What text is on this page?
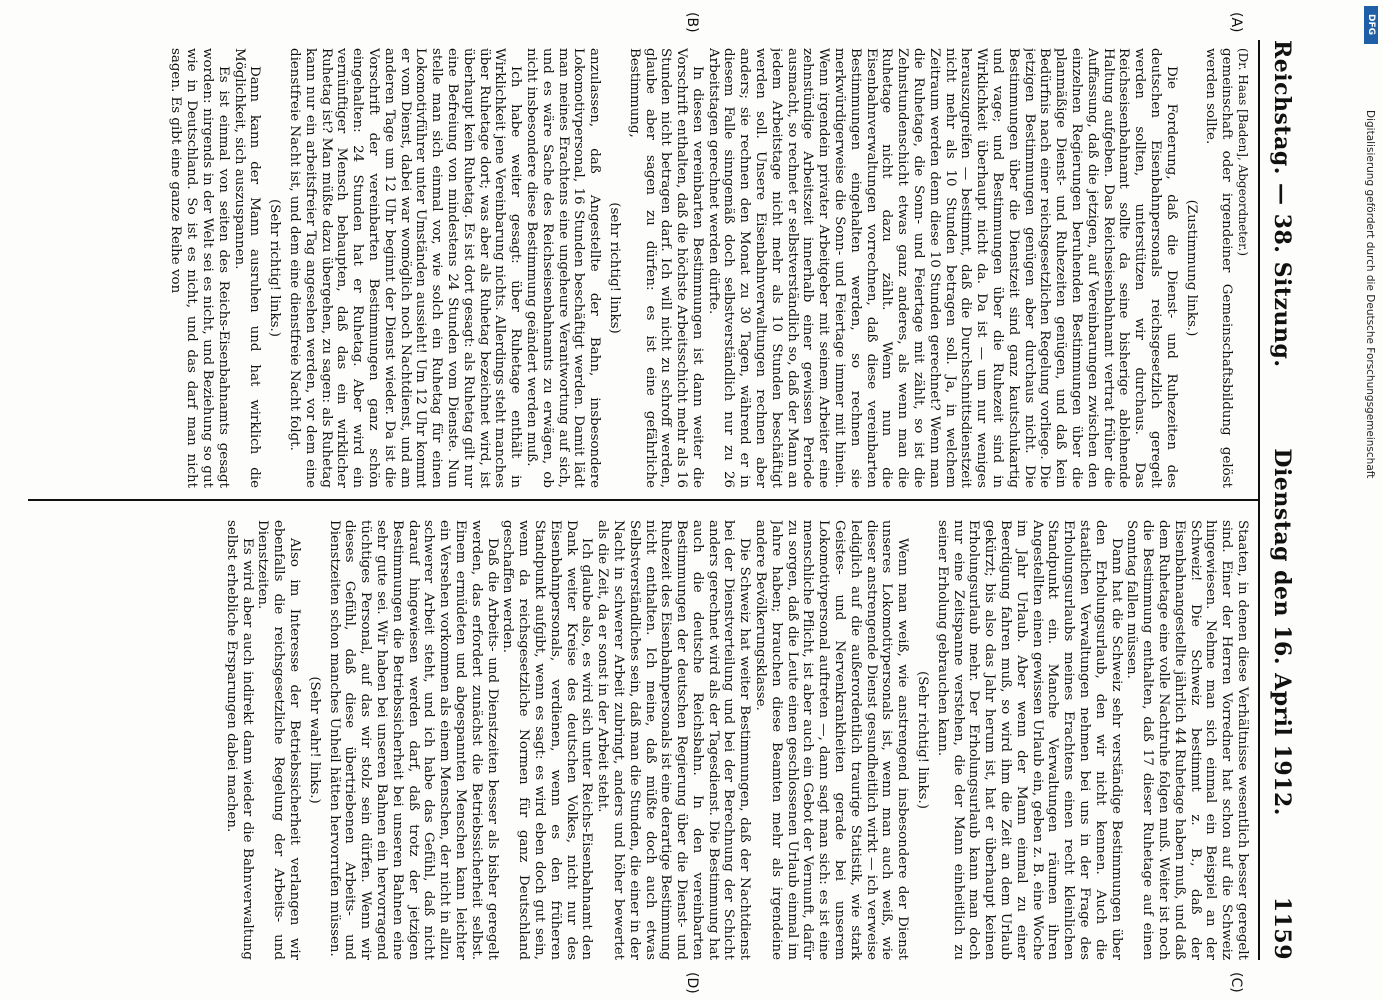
Reichstag. — 38. Sitzung.
Dienstag den 16. April 1912.
1159
(A)
(B)
(C)
(D)

(Dr. Haas [Baden], Abgeordneter.)

gemeinschaft oder irgendeiner Gemeinschaftsbildung gelöst werden sollte.

(Zustimmung links.)

Die Forderung, daß die Dienst- und Ruhezeiten des deutschen Eisenbahnpersonals reichsgesetzlich geregelt werden sollten, unterstützen wir durchaus. Das Reichseisenbahnamt sollte da seine bisherige ablehnende Haltung aufgeben. Das Reichseisenbahnamt vertrat früher die Auffassung, daß die jetzigen, auf Vereinbarungen zwischen den einzelnen Regierungen beruhenden Bestimmungen über die planmäßige Dienst- und Ruhezeiten genügen, und daß kein Bedürfnis nach einer reichsgesetzlichen Regelung vorliege. Die jetzigen Bestimmungen genügen aber durchaus nicht. Die Bestimmungen über die Dienstzeit sind ganz kautschukartig und vage; und Bestimmungen über die Ruhezeit sind in Wirklichkeit überhaupt nicht da. Da ist — um nur weniges herauszugreifen — bestimmt, daß die Durchschnittsdienstzeit nicht mehr als 10 Stunden betragen soll. Ja, in welchem Zeitraum werden denn diese 10 Stunden gerechnet? Wenn man die Ruhetage, die Sonn- und Feiertage mit zählt, so ist die Zehnstundenschicht etwas ganz anderes, als wenn man die Ruhetage nicht dazu zählt. Wenn nun die Eisenbahnverwaltungen vorrechnen, daß diese vereinbarten Bestimmungen eingehalten werden, so rechnen sie merkwürdigerweise die Sonn- und Feiertage immer mit hinein. Wenn irgendein privater Arbeitgeber mit seinem Arbeiter eine zehnstündige Arbeitszeit innerhalb einer gewissen Periode ausmacht, so rechnet er selbstverständlich so, daß der Mann an jedem Arbeitstage nicht mehr als 10 Stunden beschäftigt werden soll. Unsere Eisenbahnverwaltungen rechnen aber anders; sie rechnen den Monat zu 30 Tagen, während er in diesem Falle sinngemäß doch selbstverständlich nur zu 26 Arbeitstagen gerechnet werden dürfte.

In diesen vereinbarten Bestimmungen ist dann weiter die Vorschrift enthalten, daß die höchste Arbeitsschicht mehr als 16 Stunden nicht betragen darf. Ich will nicht zu schroff werden, glaube aber sagen zu dürfen: es ist eine gefährliche Bestimmung,

(sehr richtig! links)

anzulassen, daß Angestellte der Bahn, insbesondere Lokomotivpersonal, 16 Stunden beschäftigt werden. Damit lädt man meines Erachtens eine ungeheure Verantwortung auf sich, und es wäre Sache des Reichseisenbahnamts zu erwägen, ob nicht insbesondere diese Bestimmung geändert werden muß.

Ich habe weiter gesagt: über Ruhetage enthält in Wirklichkeit jene Vereinbarung nichts. Allerdings steht manches über Ruhetage dort; was aber als Ruhetag bezeichnet wird, ist überhaupt kein Ruhetag. Es ist dort gesagt: als Ruhetag gilt nur eine Befreiung von mindestens 24 Stunden vom Dienste. Nun stelle man sich einmal vor, wie solch ein Ruhetag für einen Lokomotivführer unter Umständen aussieht! Um 12 Uhr kommt er vom Dienst, dabei war womöglich noch Nachtdienst, und am anderen Tage um 12 Uhr beginnt der Dienst wieder. Da ist die Vorschrift der vereinbarten Bestimmungen ganz schön eingehalten: 24 Stunden hat er Ruhetag. Aber wird ein vernünftiger Mensch behaupten, daß das ein wirklicher Ruhetag ist? Man müßte dazu übergehen, zu sagen: als Ruhetag kann nur ein arbeitsfreier Tag angesehen werden, vor dem eine dienstfreie Nacht ist, und dem eine dienstfreie Nacht folgt.

(Sehr richtig! links.)

Dann kann der Mann ausruhen und hat wirklich die Möglichkeit, sich auszuspannen.

Es ist einmal von seiten des Reichs-Eisenbahnamts gesagt worden: nirgends in der Welt sei es nicht, und Beziehung so gut wie in Deutschland. So ist es nicht, und das darf man nicht sagen. Es gibt eine ganze Reihe von

Staaten, in denen diese Verhältnisse wesentlich besser geregelt sind. Einer der Herren Vorredner hat schon auf die Schweiz hingewiesen. Nehme man sich einmal ein Beispiel an der Schweiz! Die Schweiz bestimmt z. B., daß der Eisenbahnangestellte jährlich 44 Ruhetage haben muß, und daß dem Ruhetage eine volle Nachtruhe folgen muß. Weiter ist noch die Bestimmung enthalten, daß 17 dieser Ruhetage auf einen Sonntag fallen müssen.

Dann hat die Schweiz sehr verständige Bestimmungen über den Erholungsurlaub, den wir nicht kennen. Auch die staatlichen Verwaltungen nehmen bei uns in der Frage des Erholungsurlaubs meines Erachtens einen recht kleinlichen Standpunkt ein. Manche Verwaltungen räumen ihren Angestellten einen gewissen Urlaub ein, geben z. B. eine Woche im Jahr Urlaub. Aber wenn der Mann einmal zu einer Beerdigung fahren muß, so wird ihm die Zeit an dem Urlaub gekürzt; bis also das Jahr herum ist, hat er überhaupt keinen Erholungsurlaub mehr. Der Erholungsurlaub kann man doch nur eine Zeitspanne verstehen, die der Mann einheitlich zu seiner Erholung gebrauchen kann.

(Sehr richtig! links.)

Wenn man weiß, wie anstrengend insbesondere der Dienst unseres Lokomotivpersonals ist, wenn man auch weiß, wie dieser anstrengende Dienst gesundheitlich wirkt — ich verweise lediglich auf die außerordentlich traurige Statistik, wie stark Geistes- und Nervenkrankheiten gerade bei unserem Lokomotivpersonal auftreten —, dann sagt man sich: es ist eine menschliche Pflicht, ist aber auch ein Gebot der Vernunft, dafür zu sorgen, daß die Leute einen geschlossenen Urlaub einmal im Jahre haben; brauchen diese Beamten mehr als irgendeine andere Bevölkerungsklasse.

Die Schweiz hat weiter Bestimmungen, daß der Nachtdienst bei der Dienstverteilung und bei der Berechnung der Schicht anders gerechnet wird als der Tagesdienst. Die Bestimmung hat auch die deutsche Reichsbahn. In den vereinbarten Bestimmungen der deutschen Regierung über die Dienst- und Ruhezeit des Eisenbahnpersonals ist eine derartige Bestimmung nicht enthalten. Ich meine, daß müßte doch auch etwas Selbstverständliches sein, daß man die Stunden, die einer in der Nacht in schwerer Arbeit zubringt, anders und höher bewertet als die Zeit, da er sonst in der Arbeit steht.

Ich glaube also, es wird sich unter Reichs-Eisenbahnamt den Dank weiter Kreise des deutschen Volkes, nicht nur des Eisenbahnpersonals, verdienen, wenn es den früheren Standpunkt aufgibt, wenn es sagt: es wird eben doch gut sein, wenn da reichsgesetzliche Normen für ganz Deutschland geschaffen werden.

Daß die Arbeits- und Dienstzeiten besser als bisher geregelt werden, das erfordert zunächst die Betriebssicherheit selbst. Einem ermüdeten und abgespannten Menschen kann leichter ein Versehen vorkommen als einem Menschen, der nicht in allzu schwerer Arbeit steht, und ich habe das Gefühl, daß nicht darauf hingewiesen werden darf, daß trotz der jetzigen Bestimmungen die Betriebssicherheit bei unseren Bahnen eine sehr gute sei. Wir haben bei unseren Bahnen ein hervorragend tüchtiges Personal, auf das wir stolz sein dürfen. Wenn wir dieses Gefühl, daß diese übertriebenen Arbeits- und Dienstzeiten schon manches Unheil hätten hervorrufen müssen.

(Sehr wahr! links.)

Also im Interesse der Betriebssicherheit verlangen wir ebenfalls die reichsgesetzliche Regelung der Arbeits- und Dienstzeiten.

Es wird aber auch indirekt dann wieder die Bahnverwaltung selbst erhebliche Ersparungen dabei machen.

DFG
Digitalisierung gefördert durch die Deutsche Forschungsgemeinschaft
